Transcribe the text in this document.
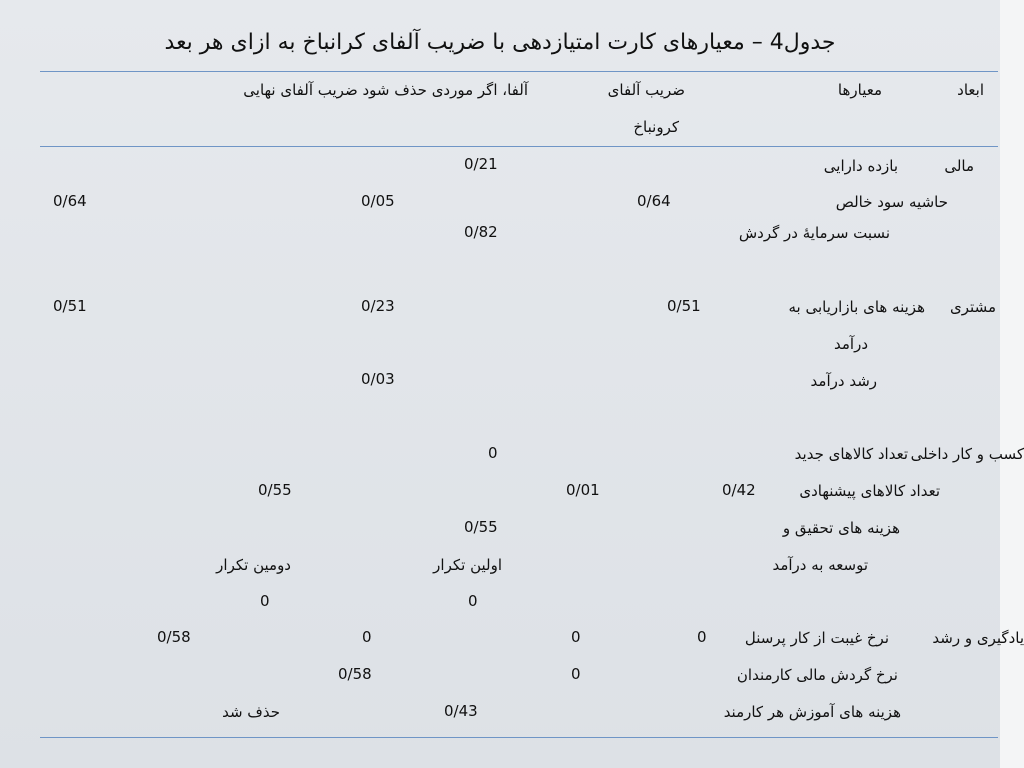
جدول4 – معیارهای کارت امتیازدهی با ضریب آلفای کرانباخ به ازای هر بعد
ابعاد
معیارها
ضریب آلفای
کرونباخ
آلفا، اگر موردی حذف شود ضریب آلفای نهایی
مالی
بازده دارایی
0/21
حاشیه سود خالص
0/64
0/05
0/64
نسبت سرمایهٔ در گردش
0/82
مشتری
هزینه های بازاریابی به
درآمد
0/51
0/23
0/51
رشد درآمد
0/03
کسب و کار داخلی
تعداد کالاهای جدید
0
تعداد کالاهای پیشنهادی
0/42
0/01
0/55
هزینه های تحقیق و
0/55
توسعه به درآمد
اولین تکرار
دومین تکرار
0
0
یادگیری و رشد
نرخ غیبت از کار پرسنل
0
0
0
0/58
نرخ گردش مالی کارمندان
0
0/58
هزینه های آموزش هر کارمند
0/43
حذف شد
